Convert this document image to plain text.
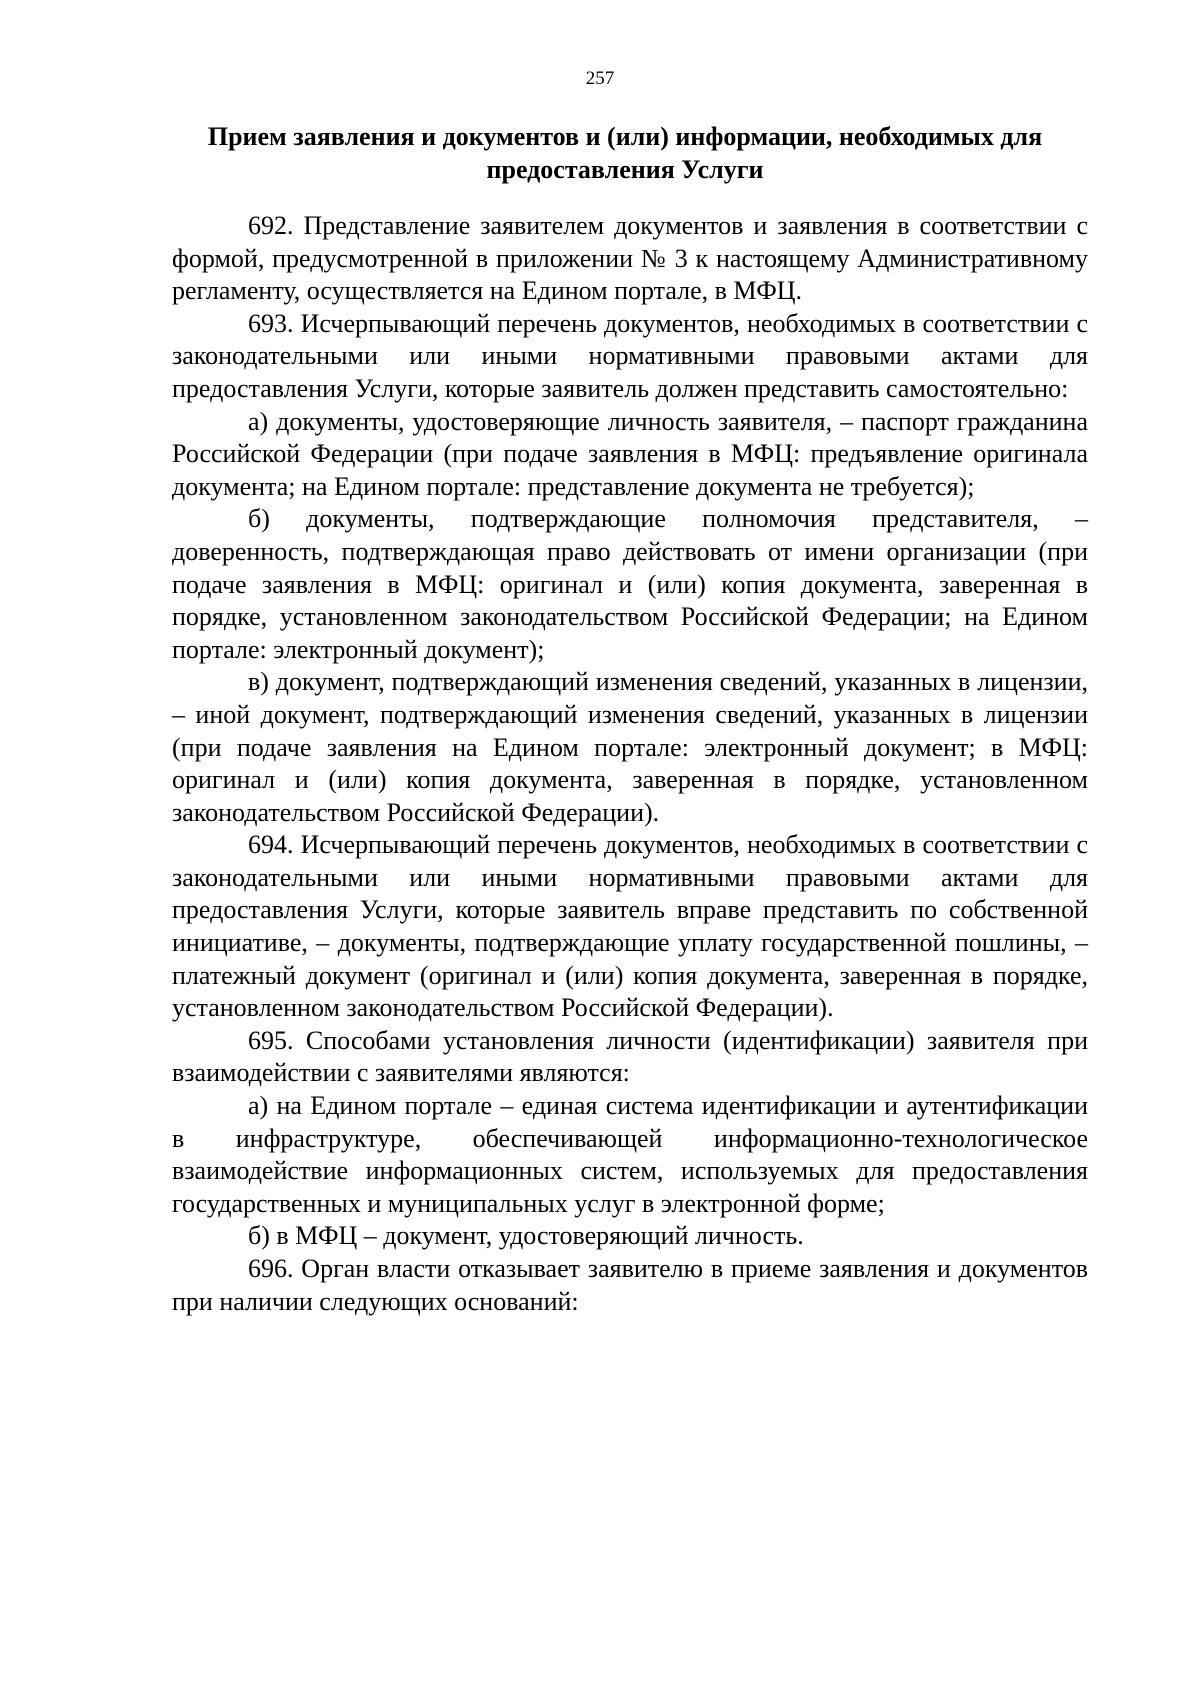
257
Прием заявления и документов и (или) информации, необходимых для предоставления Услуги

692. Представление заявителем документов и заявления в соответствии с формой, предусмотренной в приложении № 3 к настоящему Административному регламенту, осуществляется на Едином портале, в МФЦ.

693. Исчерпывающий перечень документов, необходимых в соответствии с законодательными или иными нормативными правовыми актами для предоставления Услуги, которые заявитель должен представить самостоятельно:

а) документы, удостоверяющие личность заявителя, – паспорт гражданина Российской Федерации (при подаче заявления в МФЦ: предъявление оригинала документа; на Едином портале: представление документа не требуется);

б) документы, подтверждающие полномочия представителя, – доверенность, подтверждающая право действовать от имени организации (при подаче заявления в МФЦ: оригинал и (или) копия документа, заверенная в порядке, установленном законодательством Российской Федерации; на Едином портале: электронный документ);

в) документ, подтверждающий изменения сведений, указанных в лицензии, – иной документ, подтверждающий изменения сведений, указанных в лицензии (при подаче заявления на Едином портале: электронный документ; в МФЦ: оригинал и (или) копия документа, заверенная в порядке, установленном законодательством Российской Федерации).

694. Исчерпывающий перечень документов, необходимых в соответствии с законодательными или иными нормативными правовыми актами для предоставления Услуги, которые заявитель вправе представить по собственной инициативе, – документы, подтверждающие уплату государственной пошлины, – платежный документ (оригинал и (или) копия документа, заверенная в порядке, установленном законодательством Российской Федерации).

695. Способами установления личности (идентификации) заявителя при взаимодействии с заявителями являются:

а) на Едином портале – единая система идентификации и аутентификации в инфраструктуре, обеспечивающей информационно-технологическое взаимодействие информационных систем, используемых для предоставления государственных и муниципальных услуг в электронной форме;

б) в МФЦ – документ, удостоверяющий личность.

696. Орган власти отказывает заявителю в приеме заявления и документов при наличии следующих оснований:
